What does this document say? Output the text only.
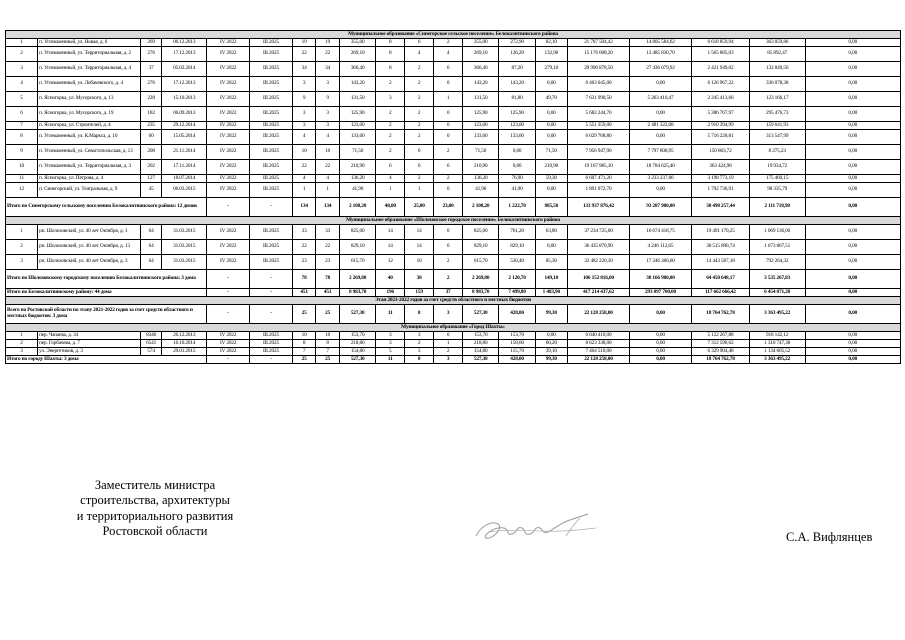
Муниципальное образование «Синегорское сельское поселение» Белокалитвинского района																			
1	п. Углекаменный, ул. Новая, д. 6	269	06.12.2013	IV 2022	III.2025	19	19	355,00	8	6	2	355,00	272,90	82,10	21 787 504,42	14 805 584,62	6 618 859,94	363 059,86	0,00
2	п. Углекаменный, ул. Территориальная, д. 2	276	17.12.2013	IV 2022	III.2025	22	22	269,10	8	4	4	269,10	136,20	132,90	15 176 608,20	13 485 830,70	1 565 885,03	85 892,47	0,00
3	п. Углекаменный, ул. Территориальная, д. 4	37	05.03.2014	IV 2022	III.2025	34	34	366,40	8	2	6	366,40	87,20	279,10	29 990 878,50	27 436 079,92	2 421 949,02	132 849,56	0,00
4	п. Углекаменный, ул. Лобачевского, д. 4	276	17.12.2013	IV 2022	III.2025	3	3	143,20	2	2	0	143,20	143,20	0,00	6 463 045,00	0,00	6 126 967,22	336 078,38	0,00
5	п. Ясногорка, ул. Мусорского, д. 13	228	15.10.2013	IV 2022	III.2025	9	9	131,50	3	2	1	131,50	81,80	49,70	7 631 990,50	5 263 410,47	2 245 413,66	123 166,17	0,00
6	п. Ясногорка, ул. Мусорского, д. 19	182	06.09.2013	IV 2022	III.2025	3	3	125,90	2	2	0	125,90	125,90	0,00	5 682 244,70	0,00	5 386 767,97	295 476,73	0,00
7	п. Ясногорка, ул. Строителей, д. 4	235	29.12.2014	IV 2022	III.2025	3	3	123,00	2	2	0	123,00	123,00	0,00	5 551 359,00	2 481 322,08	2 910 394,99	159 641,93	0,00
8	п. Углекаменный, ул. К.Маркса, д. 10	60	15.05.2014	IV 2022	III.2025	4	4	133,60	2	2	0	133,60	133,60	0,00	6 029 768,80	0,00	5 716 220,81	313 547,99	0,00
9	п. Углекаменный, ул. Севастопольская, д. 13	208	21.11.2014	IV 2022	III.2025	10	10	71,50	2	0	2	71,50	0,00	71,50	7 956 947,90	7 797 808,95	150 863,72	8 275,23	0,00
10	п. Углекаменный, ул. Территориальная, д. 3	202	17.11.2014	IV 2022	III.2025	22	22	210,90	6	0	6	210,90	0,00	210,90	19 167 985,10	18 784 625,40	363 424,98	19 934,72	0,00
11	п. Ясногорка, ул. Петрова, д. 4	127	18.07.2014	IV 2022	III.2025	4	4	136,20	4	2	2	136,20	76,90	59,30	6 607 471,20	3 233 237,86	3 198 773,19	175 460,15	0,00
12	п. Синегорский, ул. Театральная, д. 9	45	06.03.2015	IV 2022	III.2025	1	1	41,90	1	1	0	41,90	41,90	0,00	1 891 072,70	0,00	1 792 736,91	98 335,79	0,00
Итого по Синегорскому сельскому поселению Белокалитвинского района: 12 домов				-	-	134	134	2 108,20	48,00	25,00	23,00	2 108,20	1 222,70	885,50	133 937 876,42	93 287 900,00	38 498 257,44	2 111 718,98	0,00
Муниципальное образование «Шолоховское городское поселение» Белокалитвинского района																			
1	рп. Шолоховский, ул. 40 лет Октября, д. 1	64	31.03.2015	IV 2022	III.2025	33	33	825,00	14	14	0	825,00	761,20	63,80	37 234 725,00	16 674 418,75	19 491 170,25	1 069 136,00	0,00
2	рп. Шолоховский, ул. 40 лет Октября, д. 13	64	31.03.2015	IV 2022	III.2025	22	22	829,10	14	14	0	829,10	829,10	0,00	36 435 870,90	4 246 112,65	30 515 890,74	1 673 867,51	0,00
3	рп. Шолоховский, ул. 40 лет Октября, д. 3	64	31.03.2015	IV 2022	III.2025	23	23	615,70	12	10	2	615,70	530,40	85,30	32 482 220,10	17 246 366,60	14 443 587,18	792 264,32	0,00
Итого по Шолоховскому городскому поселению Белокалитвинского района: 3 дома				-	-	78	78	2 269,80	40	38	2	2 269,80	2 120,70	149,10	106 152 816,00	38 166 900,00	64 450 648,17	3 535 267,83	0,00
Итого по Белокалитвинскому району: 44 дома				-	-	451	451	8 983,70	196	159	37	8 983,70	7 499,80	1 483,90	417 214 437,62	293 097 700,00	117 662 666,42	6 454 071,20	0,00
Этап 2021-2022 годов за счет средств областного и местных бюджетов																			
Всего по Ростовской области по этапу 2021-2022 годов за счет средств областного и местных бюджетов: 3 дома				-	-	25	25	527,30	11	8	3	527,30	428,00	99,30	22 128 258,00	0,00	18 764 762,78	3 363 495,22	0,00
Муниципальное образование «Город Шахты»																			
1	пер. Чапаева, д. 34	8346	26.12.2013	IV 2022	III.2025	10	10	153,70	3	3	0	153,70	153,70	0,00	6 040 410,00	0,00	5 122 267,88	918 142,12	0,00
2	пер. Горбачева, д. 7	6541	16.10.2014	IV 2022	III.2025	8	8	218,80	3	2	1	218,80	158,60	60,20	8 623 338,00	0,00	7 312 590,62	1 310 747,38	0,00
3	ул. Энергетиков, д. 3	574	29.01.2015	IV 2022	III.2025	7	7	154,80	5	3	2	154,80	115,70	39,10	7 464 510,00	0,00	6 329 904,48	1 134 605,52	0,00
Итого по городу Шахты: 3 дома				-	-	25	25	527,30	11	8	3	527,30	428,00	99,30	22 128 258,00	0,00	18 764 762,78	3 363 495,22	0,00
Заместитель министра
строительства, архитектуры
и территориального развития
Ростовской области	С.А. Вифлянцев
